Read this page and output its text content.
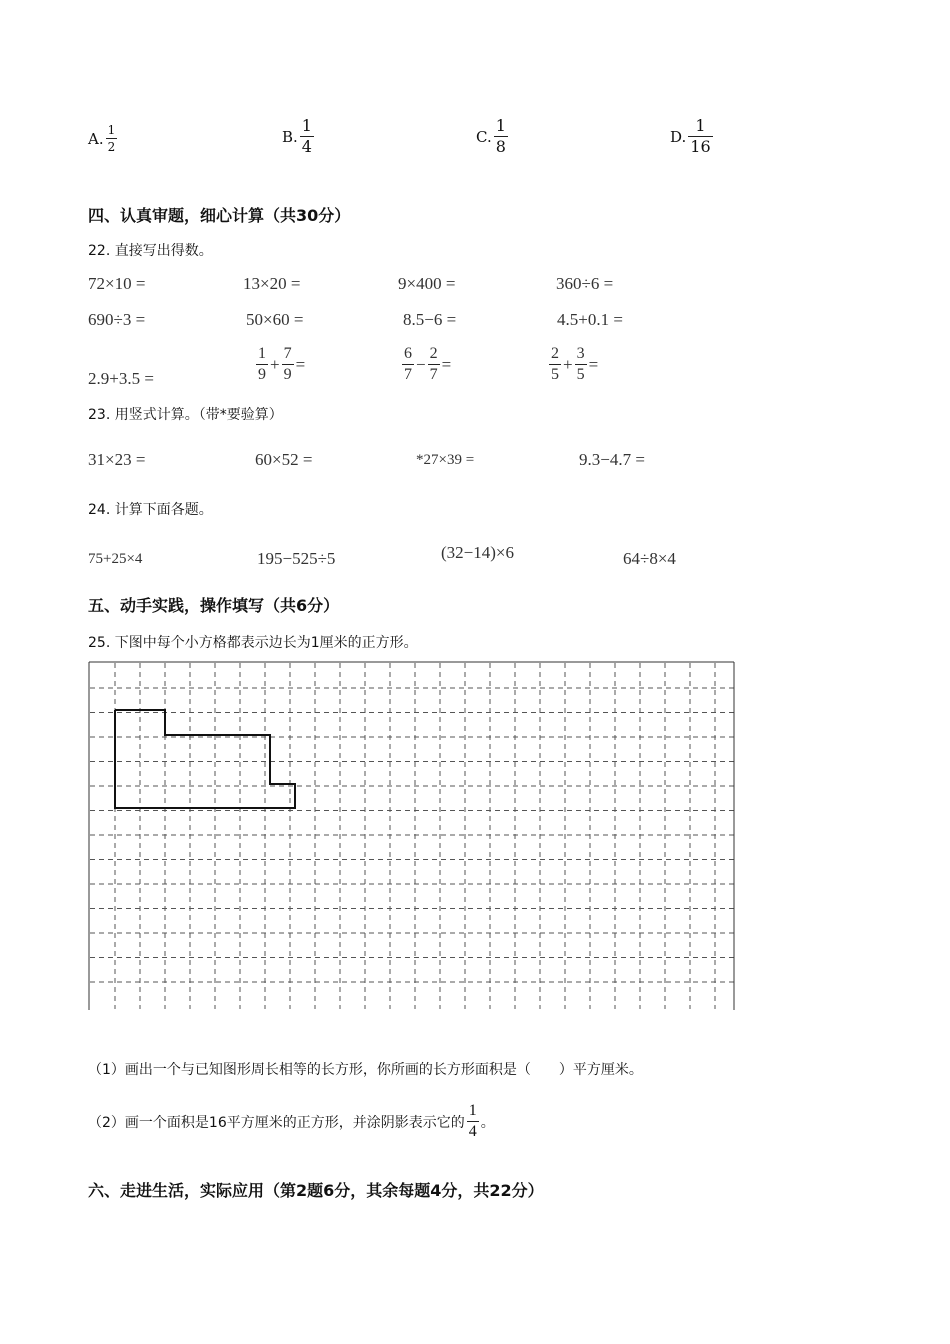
A. $\frac{1}{2}$	B. $\frac{1}{4}$	C. $\frac{1}{8}$	D. $\frac{1}{16}$
四、认真审题，细心计算（共30分）
22. 直接写出得数。
72×10 =	13×20 =	9×400 =	360÷6 =
690÷3 =	50×60 =	8.5−6 =	4.5+0.1 =
2.9+3.5 =	$\frac{1}{9} + \frac{7}{9}$ =	$\frac{6}{7} - \frac{2}{7}$ =	$\frac{2}{5} + \frac{3}{5}$ =
23. 用竖式计算。（带*要验算）
31×23 =	60×52 =	*27×39 =	9.3−4.7 =
24. 计算下面各题。
75+25×4	195−525÷5	(32−14)×6	64÷8×4
五、动手实践，操作填写（共6分）
25. 下图中每个小方格都表示边长为1厘米的正方形。
（1）画出一个与已知图形周长相等的长方形，你所画的长方形面积是（　　）平方厘米。
（2）画一个面积是16平方厘米的正方形，并涂阴影表示它的 $\frac{1}{4}$ 。
六、走进生活，实际应用（第2题6分，其余每题4分，共22分）
